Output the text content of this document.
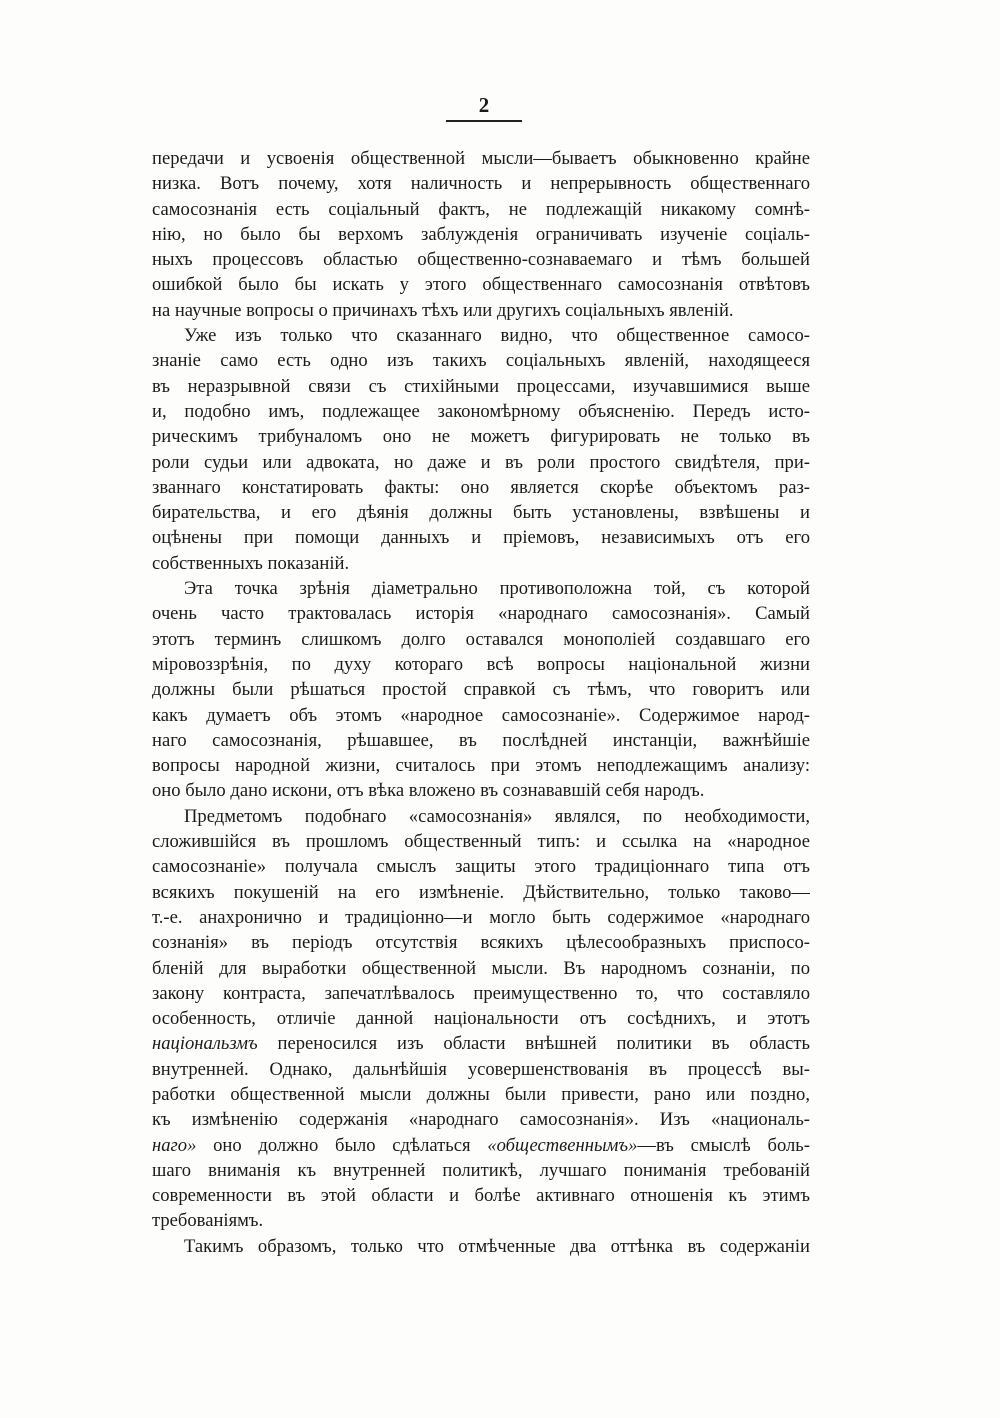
2
передачи и усвоенія общественной мысли—бываетъ обыкновенно крайне
низка. Вотъ почему, хотя наличность и непрерывность общественнаго
самосознанія есть соціальный фактъ, не подлежащій никакому сомнѣ-
нію, но было бы верхомъ заблужденія ограничивать изученіе соціаль-
ныхъ процессовъ областью общественно-сознаваемаго и тѣмъ большей
ошибкой было бы искать у этого общественнаго самосознанія отвѣтовъ
на научные вопросы о причинахъ тѣхъ или другихъ соціальныхъ явленій.
Уже изъ только что сказаннаго видно, что общественное самосо-
знаніе само есть одно изъ такихъ соціальныхъ явленій, находящееся
въ неразрывной связи съ стихійными процессами, изучавшимися выше
и, подобно имъ, подлежащее закономѣрному объясненію. Передъ исто-
рическимъ трибуналомъ оно не можетъ фигурировать не только въ
роли судьи или адвоката, но даже и въ роли простого свидѣтеля, при-
званнаго констатировать факты: оно является скорѣе объектомъ раз-
бирательства, и его дѣянія должны быть установлены, взвѣшены и
оцѣнены при помощи данныхъ и пріемовъ, независимыхъ отъ его
собственныхъ показаній.
Эта точка зрѣнія діаметрально противоположна той, съ которой
очень часто трактовалась исторія «народнаго самосознанія». Самый
этотъ терминъ слишкомъ долго оставался монополіей создавшаго его
міровоззрѣнія, по духу котораго всѣ вопросы національной жизни
должны были рѣшаться простой справкой съ тѣмъ, что говоритъ или
какъ думаетъ объ этомъ «народное самосознаніе». Содержимое народ-
наго самосознанія, рѣшавшее, въ послѣдней инстанціи, важнѣйшіе
вопросы народной жизни, считалось при этомъ неподлежащимъ анализу:
оно было дано искони, отъ вѣка вложено въ сознававшій себя народъ.
Предметомъ подобнаго «самосознанія» являлся, по необходимости,
сложившійся въ прошломъ общественный типъ: и ссылка на «народное
самосознаніе» получала смыслъ защиты этого традиціоннаго типа отъ
всякихъ покушеній на его измѣненіе. Дѣйствительно, только таково—
т.-е. анахронично и традиціонно—и могло быть содержимое «народнаго
сознанія» въ періодъ отсутствія всякихъ цѣлесообразныхъ приспосо-
бленій для выработки общественной мысли. Въ народномъ сознаніи, по
закону контраста, запечатлѣвалось преимущественно то, что составляло
особенность, отличіе данной національности отъ сосѣднихъ, и этотъ
національзмъ переносился изъ области внѣшней политики въ область
внутренней. Однако, дальнѣйшія усовершенствованія въ процессѣ вы-
работки общественной мысли должны были привести, рано или поздно,
къ измѣненію содержанія «народнаго самосознанія». Изъ «националь-
наго» оно должно было сдѣлаться «общественнымъ»—въ смыслѣ боль-
шаго вниманія къ внутренней политикѣ, лучшаго пониманія требованій
современности въ этой области и болѣе активнаго отношенія къ этимъ
требованіямъ.
Такимъ образомъ, только что отмѣченные два оттѣнка въ содержаніи
